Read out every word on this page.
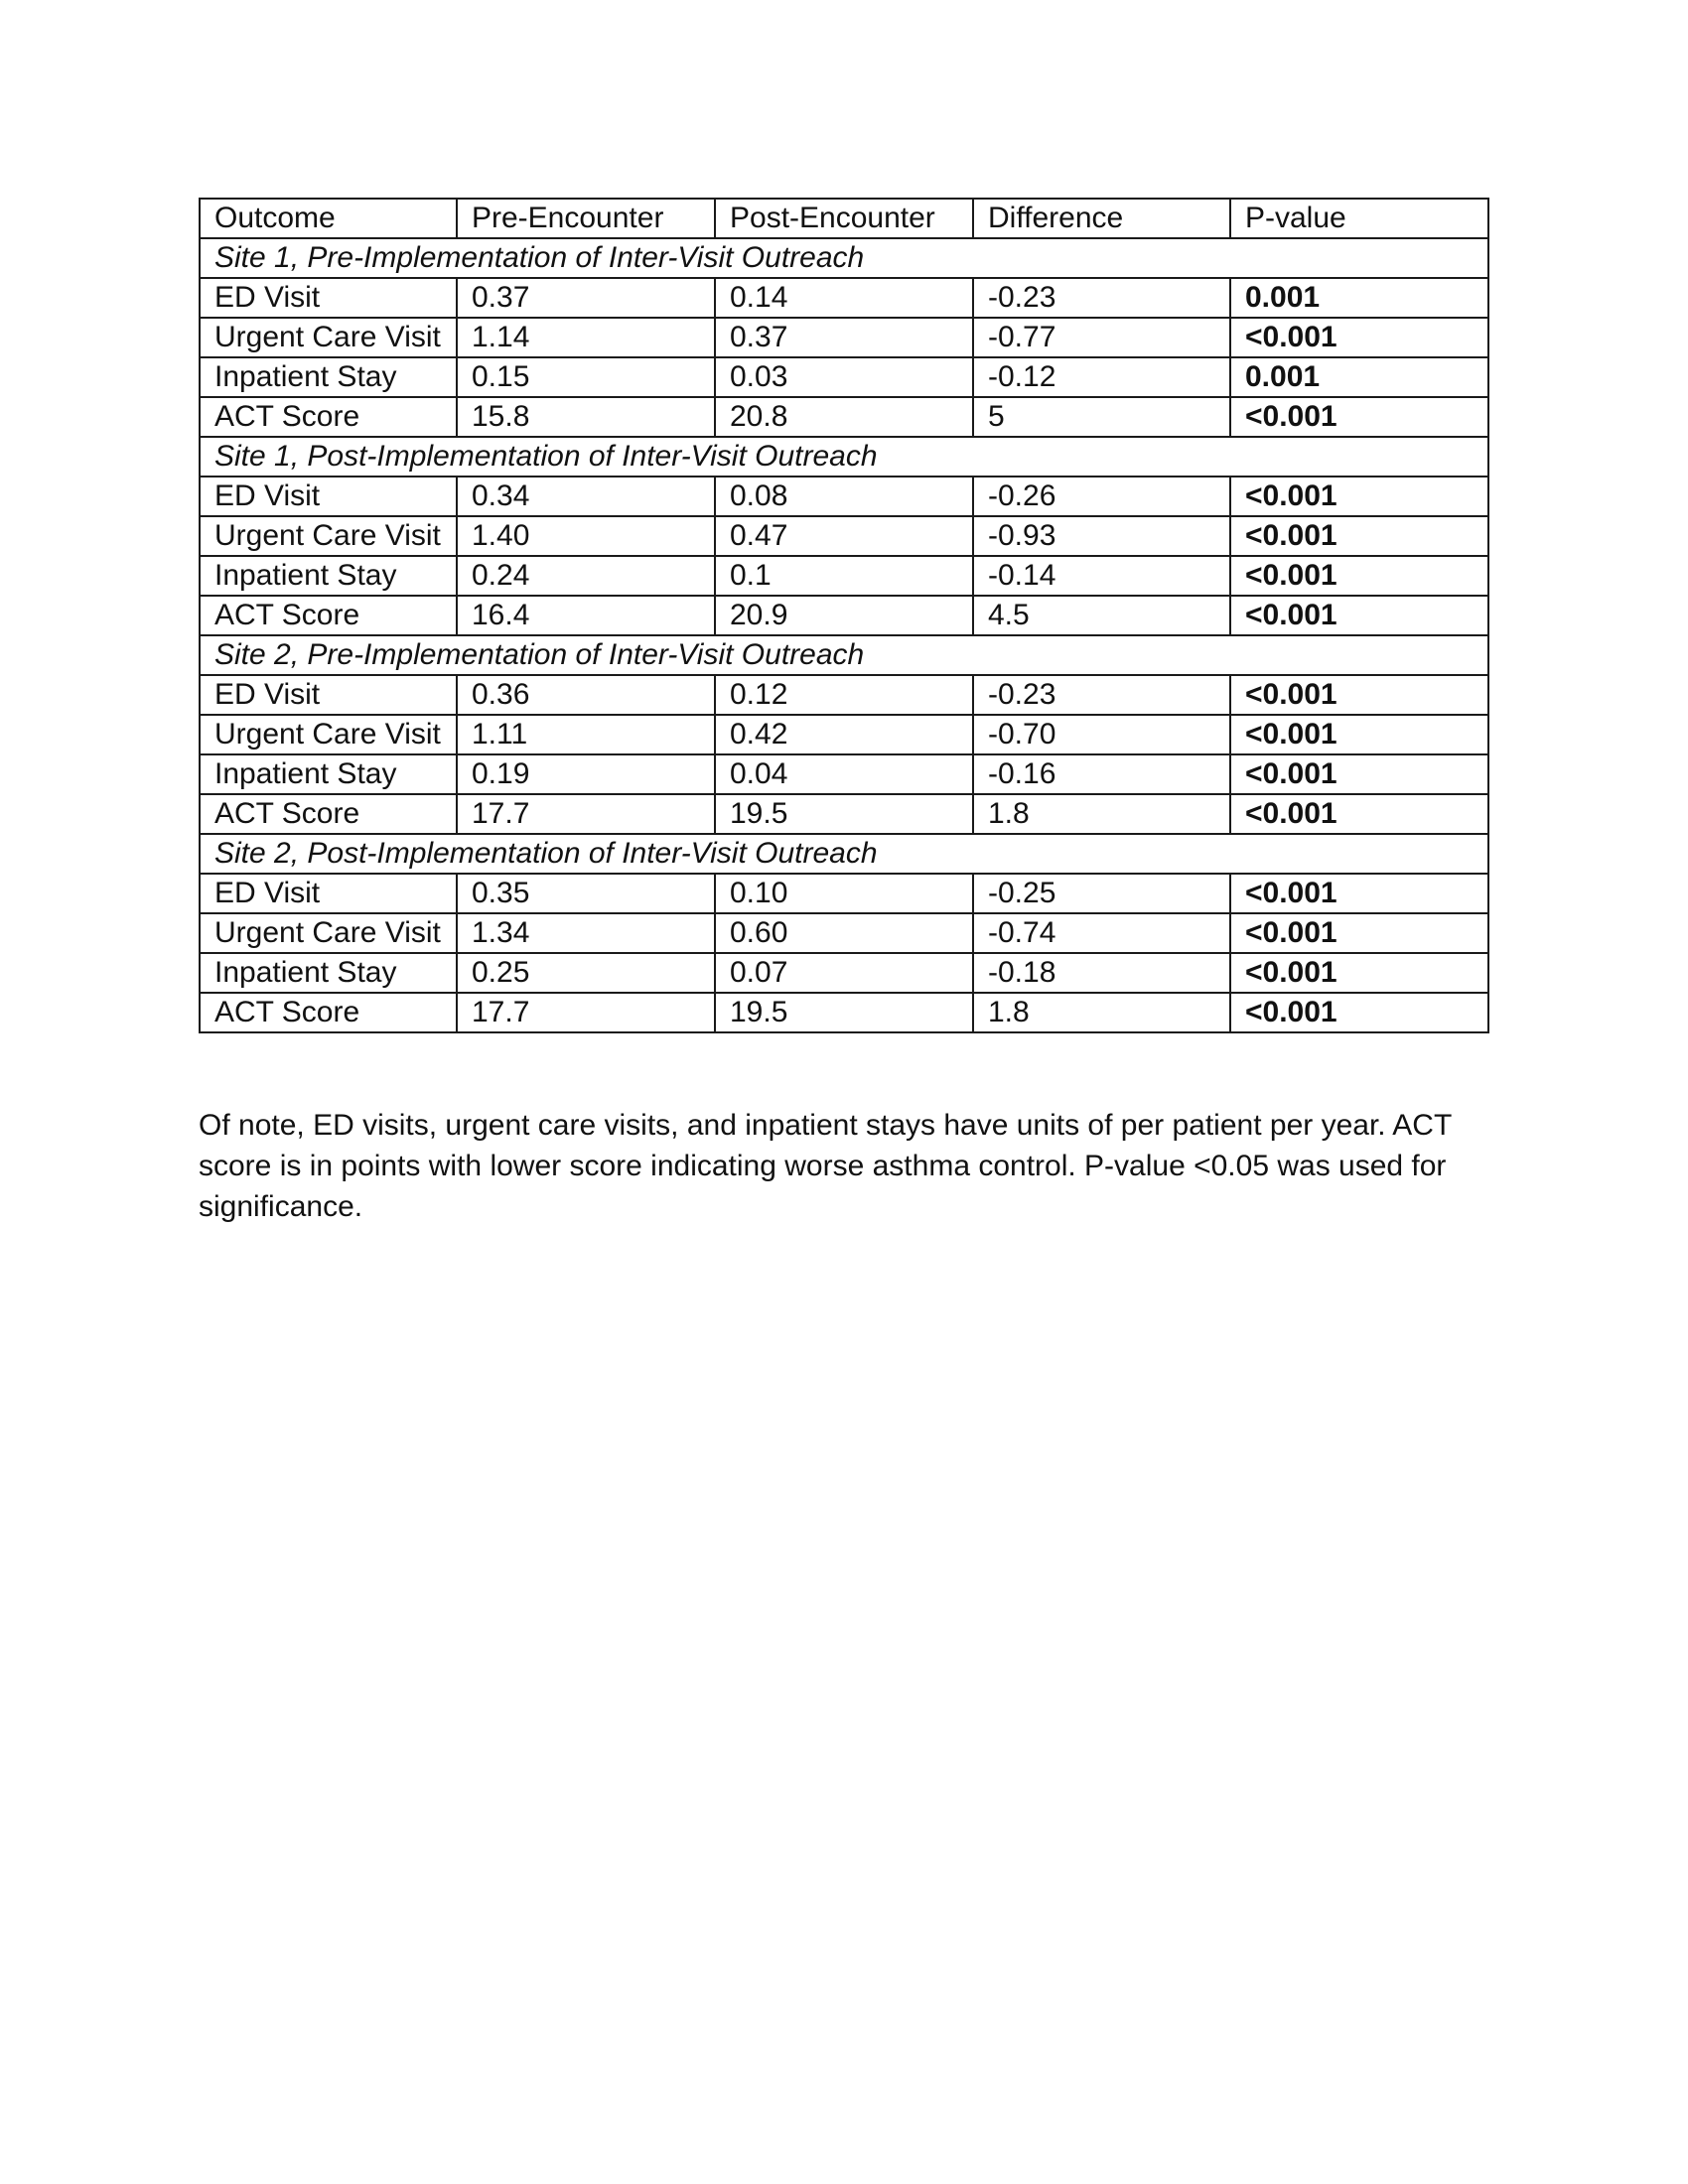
Outcome	Pre-Encounter	Post-Encounter	Difference	P-value
Site 1, Pre-Implementation of Inter-Visit Outreach				
ED Visit	0.37	0.14	-0.23	0.001
Urgent Care Visit	1.14	0.37	-0.77	<0.001
Inpatient Stay	0.15	0.03	-0.12	0.001
ACT Score	15.8	20.8	5	<0.001
Site 1, Post-Implementation of Inter-Visit Outreach				
ED Visit	0.34	0.08	-0.26	<0.001
Urgent Care Visit	1.40	0.47	-0.93	<0.001
Inpatient Stay	0.24	0.1	-0.14	<0.001
ACT Score	16.4	20.9	4.5	<0.001
Site 2, Pre-Implementation of Inter-Visit Outreach				
ED Visit	0.36	0.12	-0.23	<0.001
Urgent Care Visit	1.11	0.42	-0.70	<0.001
Inpatient Stay	0.19	0.04	-0.16	<0.001
ACT Score	17.7	19.5	1.8	<0.001
Site 2, Post-Implementation of Inter-Visit Outreach				
ED Visit	0.35	0.10	-0.25	<0.001
Urgent Care Visit	1.34	0.60	-0.74	<0.001
Inpatient Stay	0.25	0.07	-0.18	<0.001
ACT Score	17.7	19.5	1.8	<0.001

Of note, ED visits, urgent care visits, and inpatient stays have units of per patient per year. ACT score is in points with lower score indicating worse asthma control. P-value <0.05 was used for significance.
